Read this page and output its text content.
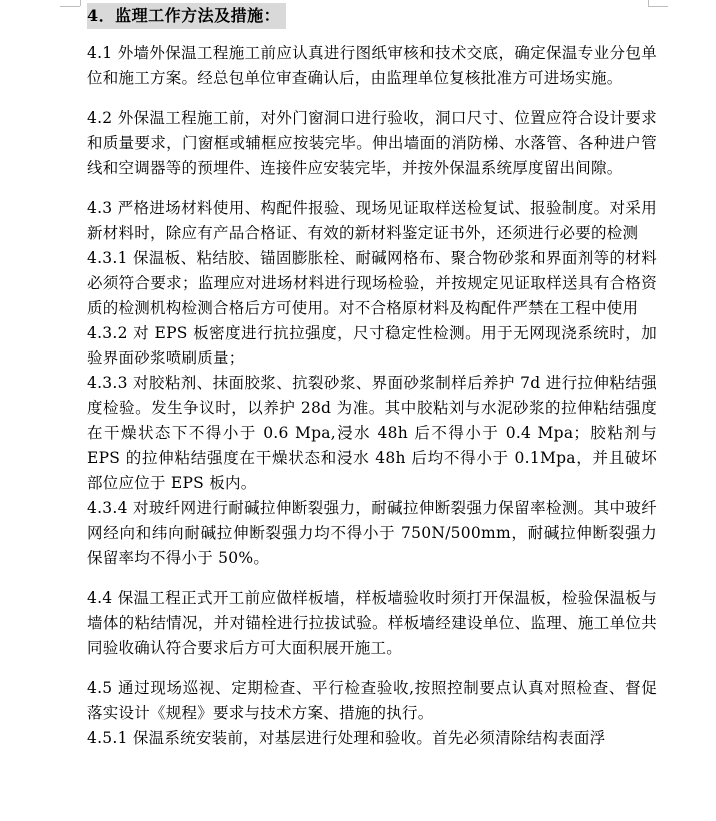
4．监理工作方法及措施：

4.1 外墙外保温工程施工前应认真进行图纸审核和技术交底，确定保温专业分包单位和施工方案。经总包单位审查确认后，由监理单位复核批准方可进场实施。

4.2 外保温工程施工前，对外门窗洞口进行验收，洞口尺寸、位置应符合设计要求和质量要求，门窗框或辅框应按装完毕。伸出墙面的消防梯、水落管、各种进户管线和空调器等的预埋件、连接件应安装完毕，并按外保温系统厚度留出间隙。

4.3 严格进场材料使用、构配件报验、现场见证取样送检复试、报验制度。对采用新材料时，除应有产品合格证、有效的新材料鉴定证书外，还须进行必要的检测

4.3.1 保温板、粘结胶、锚固膨胀栓、耐碱网格布、聚合物砂浆和界面剂等的材料必须符合要求；监理应对进场材料进行现场检验，并按规定见证取样送具有合格资质的检测机构检测合格后方可使用。对不合格原材料及构配件严禁在工程中使用

4.3.2 对 EPS 板密度进行抗拉强度，尺寸稳定性检测。用于无网现浇系统时，加验界面砂浆喷刷质量；

4.3.3 对胶粘剂、抹面胶浆、抗裂砂浆、界面砂浆制样后养护 7d 进行拉伸粘结强度检验。发生争议时，以养护 28d 为准。其中胶粘刘与水泥砂浆的拉伸粘结强度在干燥状态下不得小于 0.6 Mpa,浸水 48h 后不得小于 0.4 Mpa；胶粘剂与 EPS 的拉伸粘结强度在干燥状态和浸水 48h 后均不得小于 0.1Mpa，并且破坏部位应位于 EPS 板内。

4.3.4 对玻纤网进行耐碱拉伸断裂强力，耐碱拉伸断裂强力保留率检测。其中玻纤网经向和纬向耐碱拉伸断裂强力均不得小于 750N/500mm，耐碱拉伸断裂强力保留率均不得小于 50%。

4.4 保温工程正式开工前应做样板墙，样板墙验收时须打开保温板，检验保温板与墙体的粘结情况，并对锚栓进行拉拔试验。样板墙经建设单位、监理、施工单位共同验收确认符合要求后方可大面积展开施工。

4.5 通过现场巡视、定期检查、平行检查验收,按照控制要点认真对照检查、督促落实设计《规程》要求与技术方案、措施的执行。

4.5.1 保温系统安装前，对基层进行处理和验收。首先必须清除结构表面浮
